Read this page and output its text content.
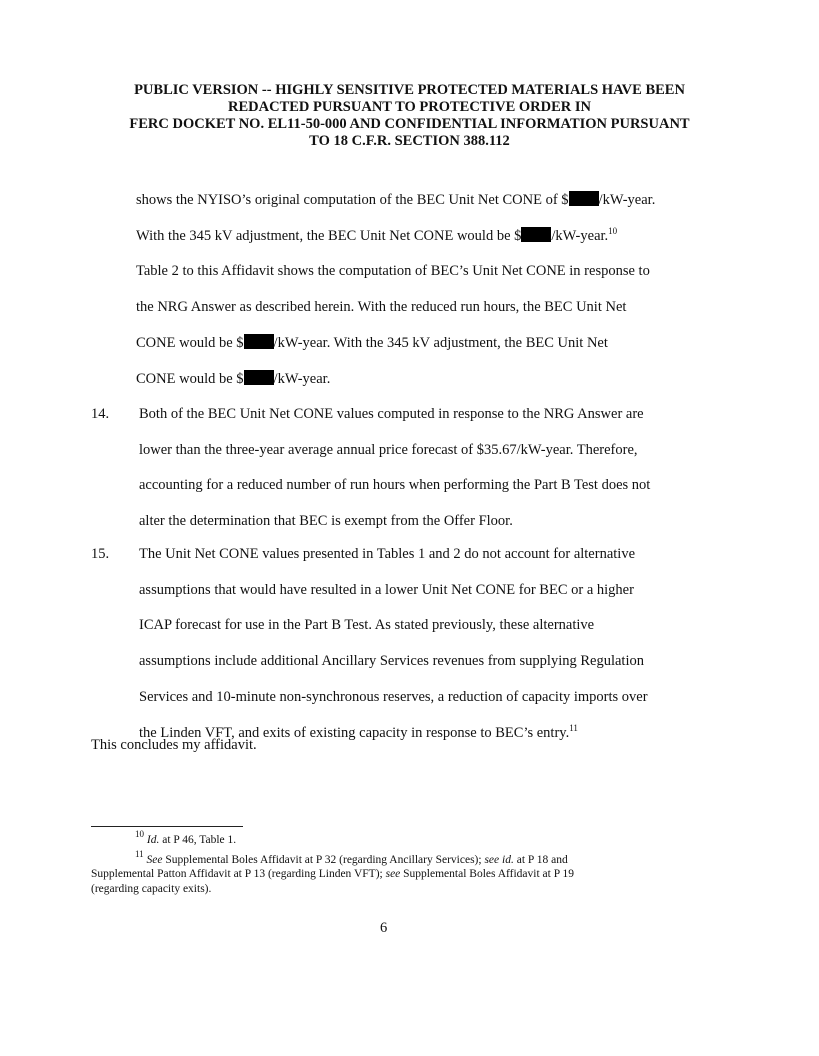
PUBLIC VERSION -- HIGHLY SENSITIVE PROTECTED MATERIALS HAVE BEEN
REDACTED PURSUANT TO PROTECTIVE ORDER IN
FERC DOCKET NO. EL11-50-000 AND CONFIDENTIAL INFORMATION PURSUANT
TO 18 C.F.R. SECTION 388.112
shows the NYISO’s original computation of the BEC Unit Net CONE of $ /kW-year.
With the 345 kV adjustment, the BEC Unit Net CONE would be $ /kW-year.$^{10}$
Table 2 to this Affidavit shows the computation of BEC’s Unit Net CONE in response to
the NRG Answer as described herein. With the reduced run hours, the BEC Unit Net
CONE would be $ /kW-year. With the 345 kV adjustment, the BEC Unit Net
CONE would be $ /kW-year.
14. Both of the BEC Unit Net CONE values computed in response to the NRG Answer are
lower than the three-year average annual price forecast of $35.67/kW-year. Therefore,
accounting for a reduced number of run hours when performing the Part B Test does not
alter the determination that BEC is exempt from the Offer Floor.
15. The Unit Net CONE values presented in Tables 1 and 2 do not account for alternative
assumptions that would have resulted in a lower Unit Net CONE for BEC or a higher
ICAP forecast for use in the Part B Test. As stated previously, these alternative
assumptions include additional Ancillary Services revenues from supplying Regulation
Services and 10-minute non-synchronous reserves, a reduction of capacity imports over
the Linden VFT, and exits of existing capacity in response to BEC’s entry.$^{11}$
This concludes my affidavit.
$^{10}$ Id. at P 46, Table 1.
$^{11}$ See Supplemental Boles Affidavit at P 32 (regarding Ancillary Services); see id. at P 18 and
Supplemental Patton Affidavit at P 13 (regarding Linden VFT); see Supplemental Boles Affidavit at P 19
(regarding capacity exits).
6
